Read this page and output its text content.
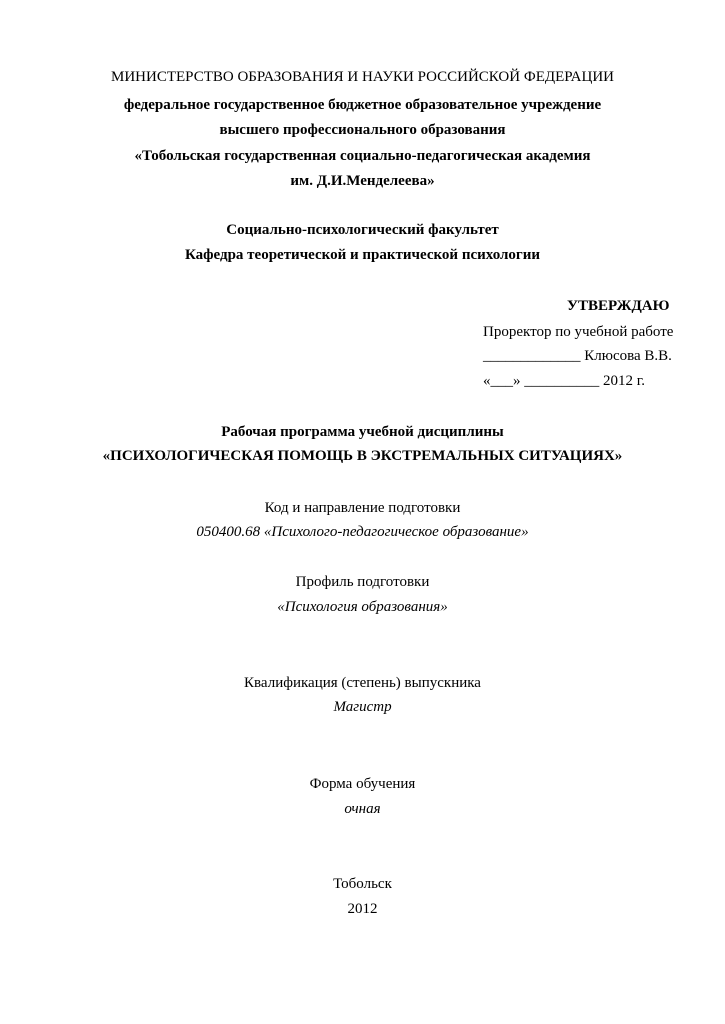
МИНИСТЕРСТВО ОБРАЗОВАНИЯ И НАУКИ РОССИЙСКОЙ ФЕДЕРАЦИИ
федеральное государственное бюджетное образовательное учреждение
высшего профессионального образования
«Тобольская государственная социально-педагогическая академия
им. Д.И.Менделеева»
Социально-психологический факультет
Кафедра теоретической и практической психологии
УТВЕРЖДАЮ
Проректор по учебной работе
_____________ Клюсова В.В.
«___» __________ 2012 г.
Рабочая программа учебной дисциплины
«ПСИХОЛОГИЧЕСКАЯ ПОМОЩЬ В ЭКСТРЕМАЛЬНЫХ СИТУАЦИЯХ»
Код и направление подготовки
050400.68 «Психолого-педагогическое образование»
Профиль подготовки
«Психология образования»
Квалификация (степень) выпускника
Магистр
Форма обучения
очная
Тобольск
2012
